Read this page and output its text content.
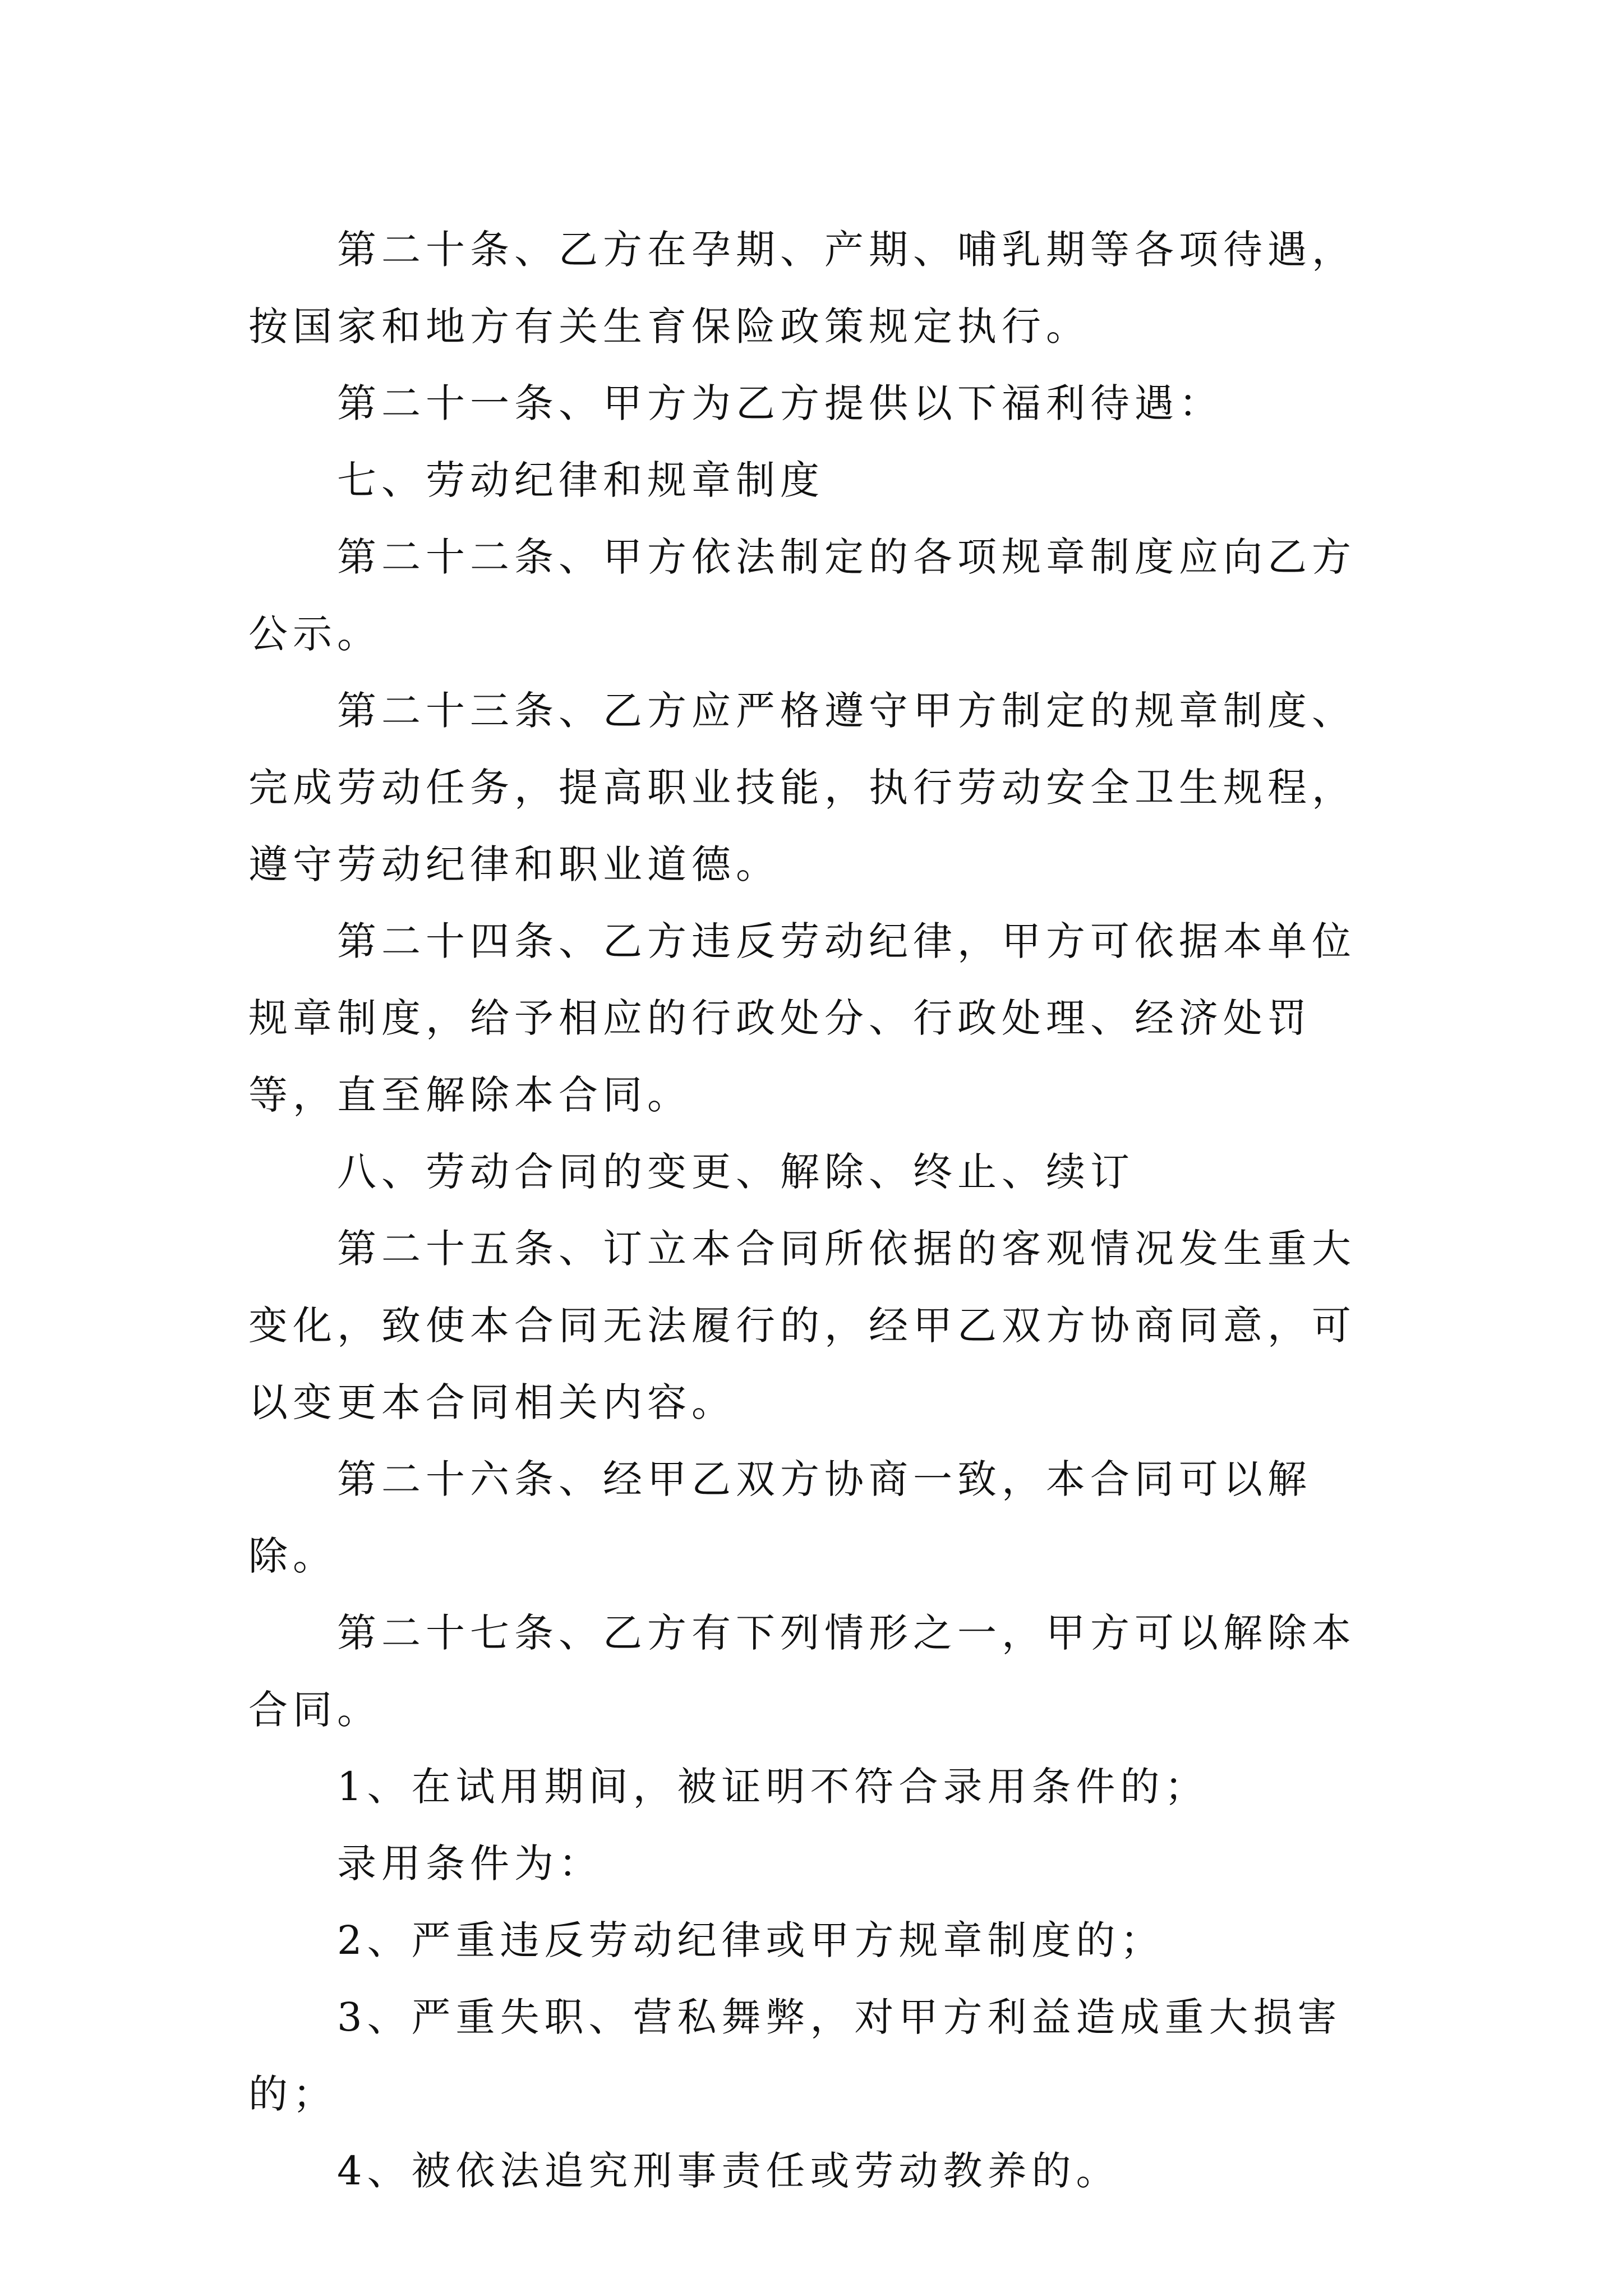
第二十条、乙方在孕期、产期、哺乳期等各项待遇，按国家和地方有关生育保险政策规定执行。

第二十一条、甲方为乙方提供以下福利待遇：

七、劳动纪律和规章制度

第二十二条、甲方依法制定的各项规章制度应向乙方公示。

第二十三条、乙方应严格遵守甲方制定的规章制度、完成劳动任务，提高职业技能，执行劳动安全卫生规程，遵守劳动纪律和职业道德。

第二十四条、乙方违反劳动纪律，甲方可依据本单位规章制度，给予相应的行政处分、行政处理、经济处罚等，直至解除本合同。

八、劳动合同的变更、解除、终止、续订

第二十五条、订立本合同所依据的客观情况发生重大变化，致使本合同无法履行的，经甲乙双方协商同意，可以变更本合同相关内容。

第二十六条、经甲乙双方协商一致，本合同可以解除。

第二十七条、乙方有下列情形之一，甲方可以解除本合同。

1、在试用期间，被证明不符合录用条件的；

录用条件为：

2、严重违反劳动纪律或甲方规章制度的；

3、严重失职、营私舞弊，对甲方利益造成重大损害的；

4、被依法追究刑事责任或劳动教养的。
